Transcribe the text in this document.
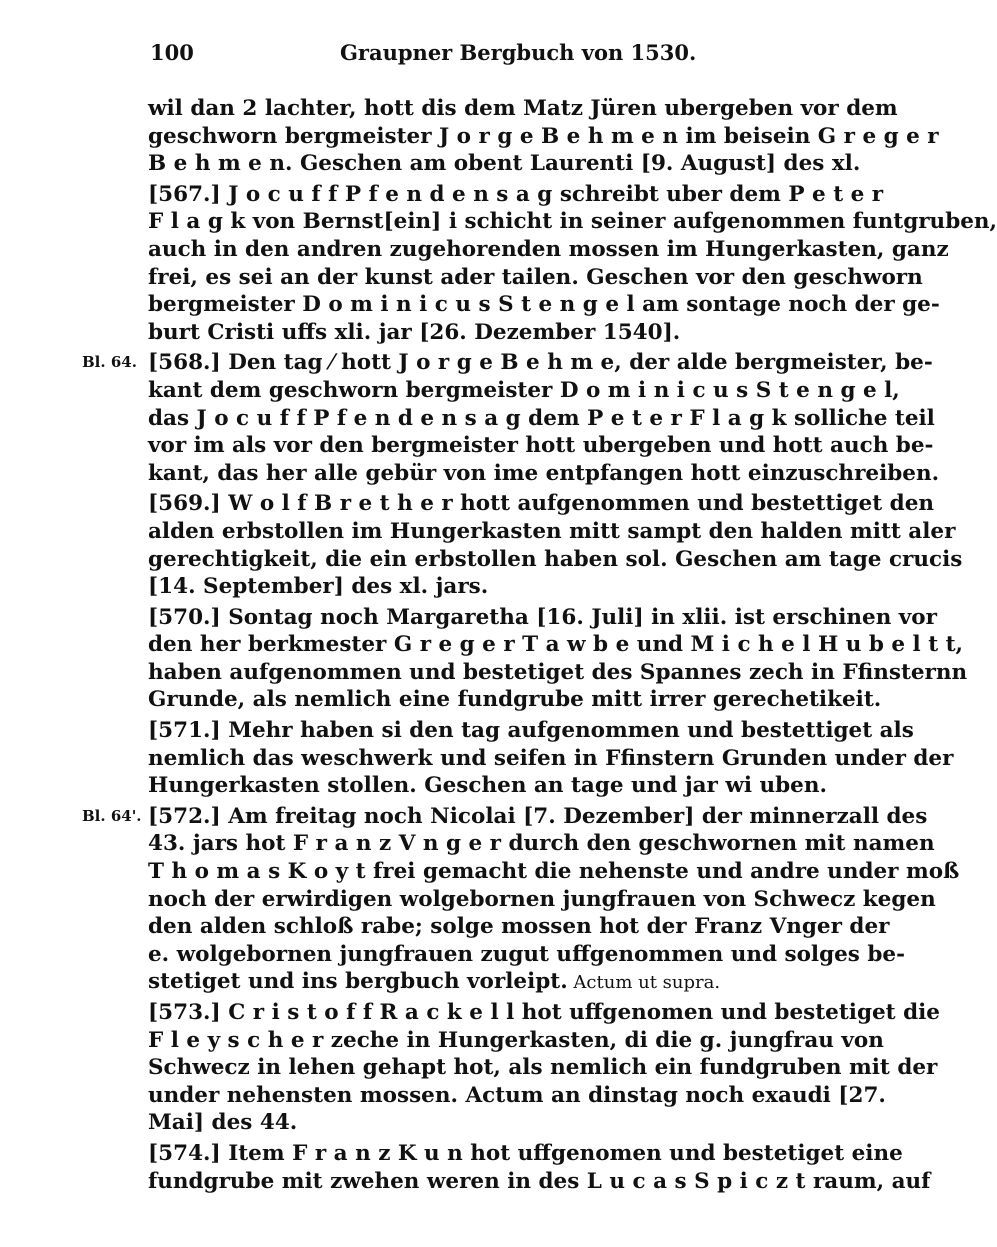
100	Graupner Bergbuch von 1530.
wil dan 2 lachter, hott dis dem Matz Jüren ubergeben vor dem
geschworn bergmeister J o r g e B e h m e n im beisein G r e g e r
B e h m e n. Geschen am obent Laurenti [9. August] des xl.
[567.] J o c u f f P f e n d e n s a g schreibt uber dem P e t e r
F l a g k von Bernst[ein] i schicht in seiner aufgenommen funtgruben,
auch in den andren zugehorenden mossen im Hungerkasten, ganz
frei, es sei an der kunst ader tailen. Geschen vor den geschworn
bergmeister D o m i n i c u s S t e n g e l am sontage noch der ge-
burt Cristi uffs xli. jar [26. Dezember 1540].
[568.] Den tag ⁄ hott J o r g e B e h m e, der alde bergmeister, be-
Bl. 64.
kant dem geschworn bergmeister D o m i n i c u s S t e n g e l,
das J o c u f f P f e n d e n s a g dem P e t e r F l a g k solliche teil
vor im als vor den bergmeister hott ubergeben und hott auch be-
kant, das her alle gebür von ime entpfangen hott einzuschreiben.
[569.] W o l f B r e t h e r hott aufgenommen und bestettiget den
alden erbstollen im Hungerkasten mitt sampt den halden mitt aler
gerechtigkeit, die ein erbstollen haben sol. Geschen am tage crucis
[14. September] des xl. jars.
[570.] Sontag noch Margaretha [16. Juli] in xlii. ist erschinen vor
den her berkmester G r e g e r T a w b e und M i c h e l H u b e l t t,
haben aufgenommen und bestetiget des Spannes zech in Ffinsternn
Grunde, als nemlich eine fundgrube mitt irrer gerechetikeit.
[571.] Mehr haben si den tag aufgenommen und bestettiget als
nemlich das weschwerk und seifen in Ffinstern Grunden under der
Hungerkasten stollen. Geschen an tage und jar wi uben.
[572.] Am freitag noch Nicolai [7. Dezember] der minnerzall des
Bl. 64'.
43. jars hot F r a n z V n g e r durch den geschwornen mit namen
T h o m a s K o y t frei gemacht die nehenste und andre under moß
noch der erwirdigen wolgebornen jungfrauen von Schwecz kegen
den alden schloß rabe; solge mossen hot der Franz Vnger der
e. wolgebornen jungfrauen zugut uffgenommen und solges be-
stetiget und ins bergbuch vorleipt. Actum ut supra.
[573.] C r i s t o f f R a c k e l l hot uffgenomen und bestetiget die
F l e y s c h e r zeche in Hungerkasten, di die g. jungfrau von
Schwecz in lehen gehapt hot, als nemlich ein fundgruben mit der
under nehensten mossen. Actum an dinstag noch exaudi [27.
Mai] des 44.
[574.] Item F r a n z K u n hot uffgenomen und bestetiget eine
fundgrube mit zwehen weren in des L u c a s S p i c z t raum, auf
